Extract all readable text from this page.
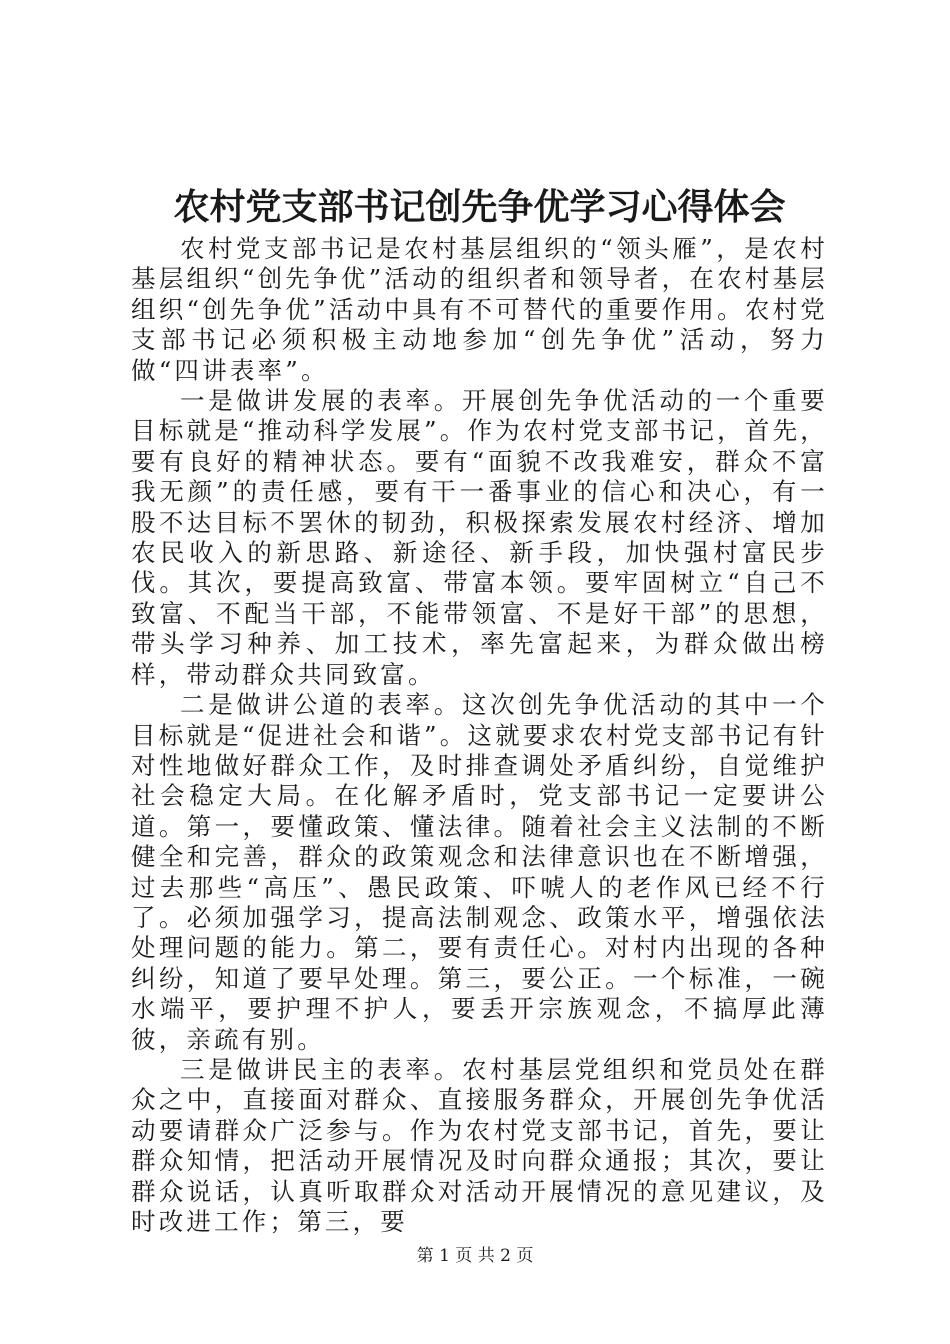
农村党支部书记创先争优学习心得体会

农村党支部书记是农村基层组织的“领头雁”，是农村基层组织“创先争优”活动的组织者和领导者，在农村基层组织“创先争优”活动中具有不可替代的重要作用。农村党支部书记必须积极主动地参加“创先争优”活动，努力做“四讲表率”。

一是做讲发展的表率。开展创先争优活动的一个重要目标就是“推动科学发展”。作为农村党支部书记，首先，要有良好的精神状态。要有“面貌不改我难安，群众不富我无颜”的责任感，要有干一番事业的信心和决心，有一股不达目标不罢休的韧劲，积极探索发展农村经济、增加农民收入的新思路、新途径、新手段，加快强村富民步伐。其次，要提高致富、带富本领。要牢固树立“自己不致富、不配当干部，不能带领富、不是好干部”的思想，带头学习种养、加工技术，率先富起来，为群众做出榜样，带动群众共同致富。

二是做讲公道的表率。这次创先争优活动的其中一个目标就是“促进社会和谐”。这就要求农村党支部书记有针对性地做好群众工作，及时排查调处矛盾纠纷，自觉维护社会稳定大局。在化解矛盾时，党支部书记一定要讲公道。第一，要懂政策、懂法律。随着社会主义法制的不断健全和完善，群众的政策观念和法律意识也在不断增强，过去那些“高压”、愚民政策、吓唬人的老作风已经不行了。必须加强学习，提高法制观念、政策水平，增强依法处理问题的能力。第二，要有责任心。对村内出现的各种纠纷，知道了要早处理。第三，要公正。一个标准，一碗水端平，要护理不护人，要丢开宗族观念，不搞厚此薄彼，亲疏有别。

三是做讲民主的表率。农村基层党组织和党员处在群众之中，直接面对群众、直接服务群众，开展创先争优活动要请群众广泛参与。作为农村党支部书记，首先，要让群众知情，把活动开展情况及时向群众通报；其次，要让群众说话，认真听取群众对活动开展情况的意见建议，及时改进工作；第三，要

第 1 页 共 2 页
